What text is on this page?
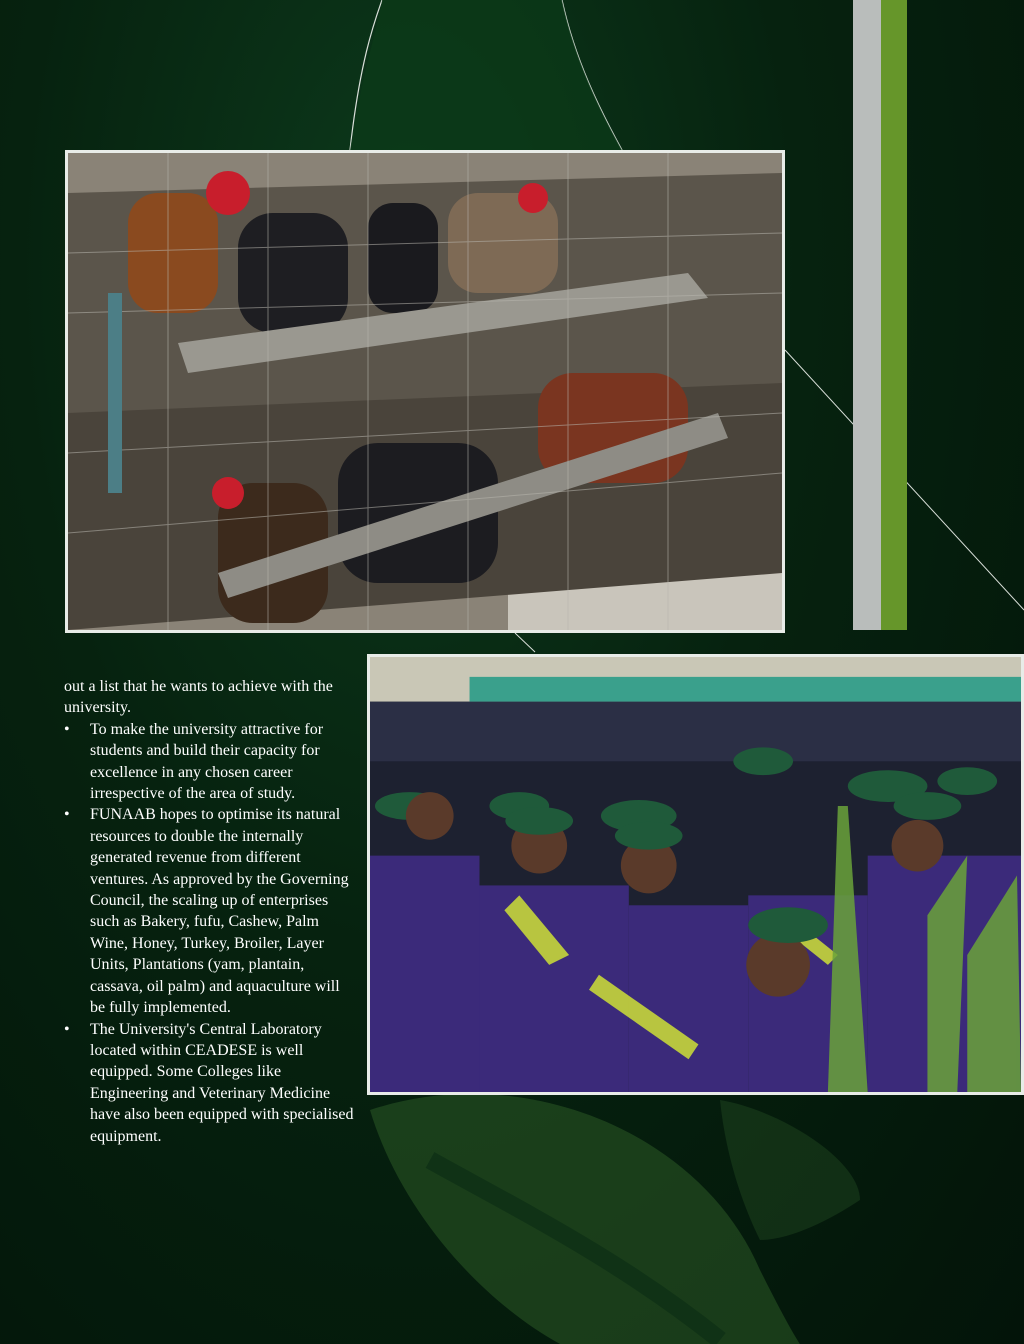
out a list that he wants to achieve with the university.

•	To make the university attractive for students and build their capacity for excellence in any chosen career irrespective of the area of study.
•	FUNAAB hopes to optimise its natural resources to double the internally generated revenue from different ventures. As approved by the Governing Council, the scaling up of enterprises such as Bakery, fufu, Cashew, Palm Wine, Honey, Turkey, Broiler, Layer Units, Plantations (yam, plantain, cassava, oil palm) and aquaculture will be fully implemented.
•	The University's Central Laboratory located within CEADESE is well equipped. Some Colleges like Engineering and Veterinary Medicine have also been equipped with specialised equipment.
